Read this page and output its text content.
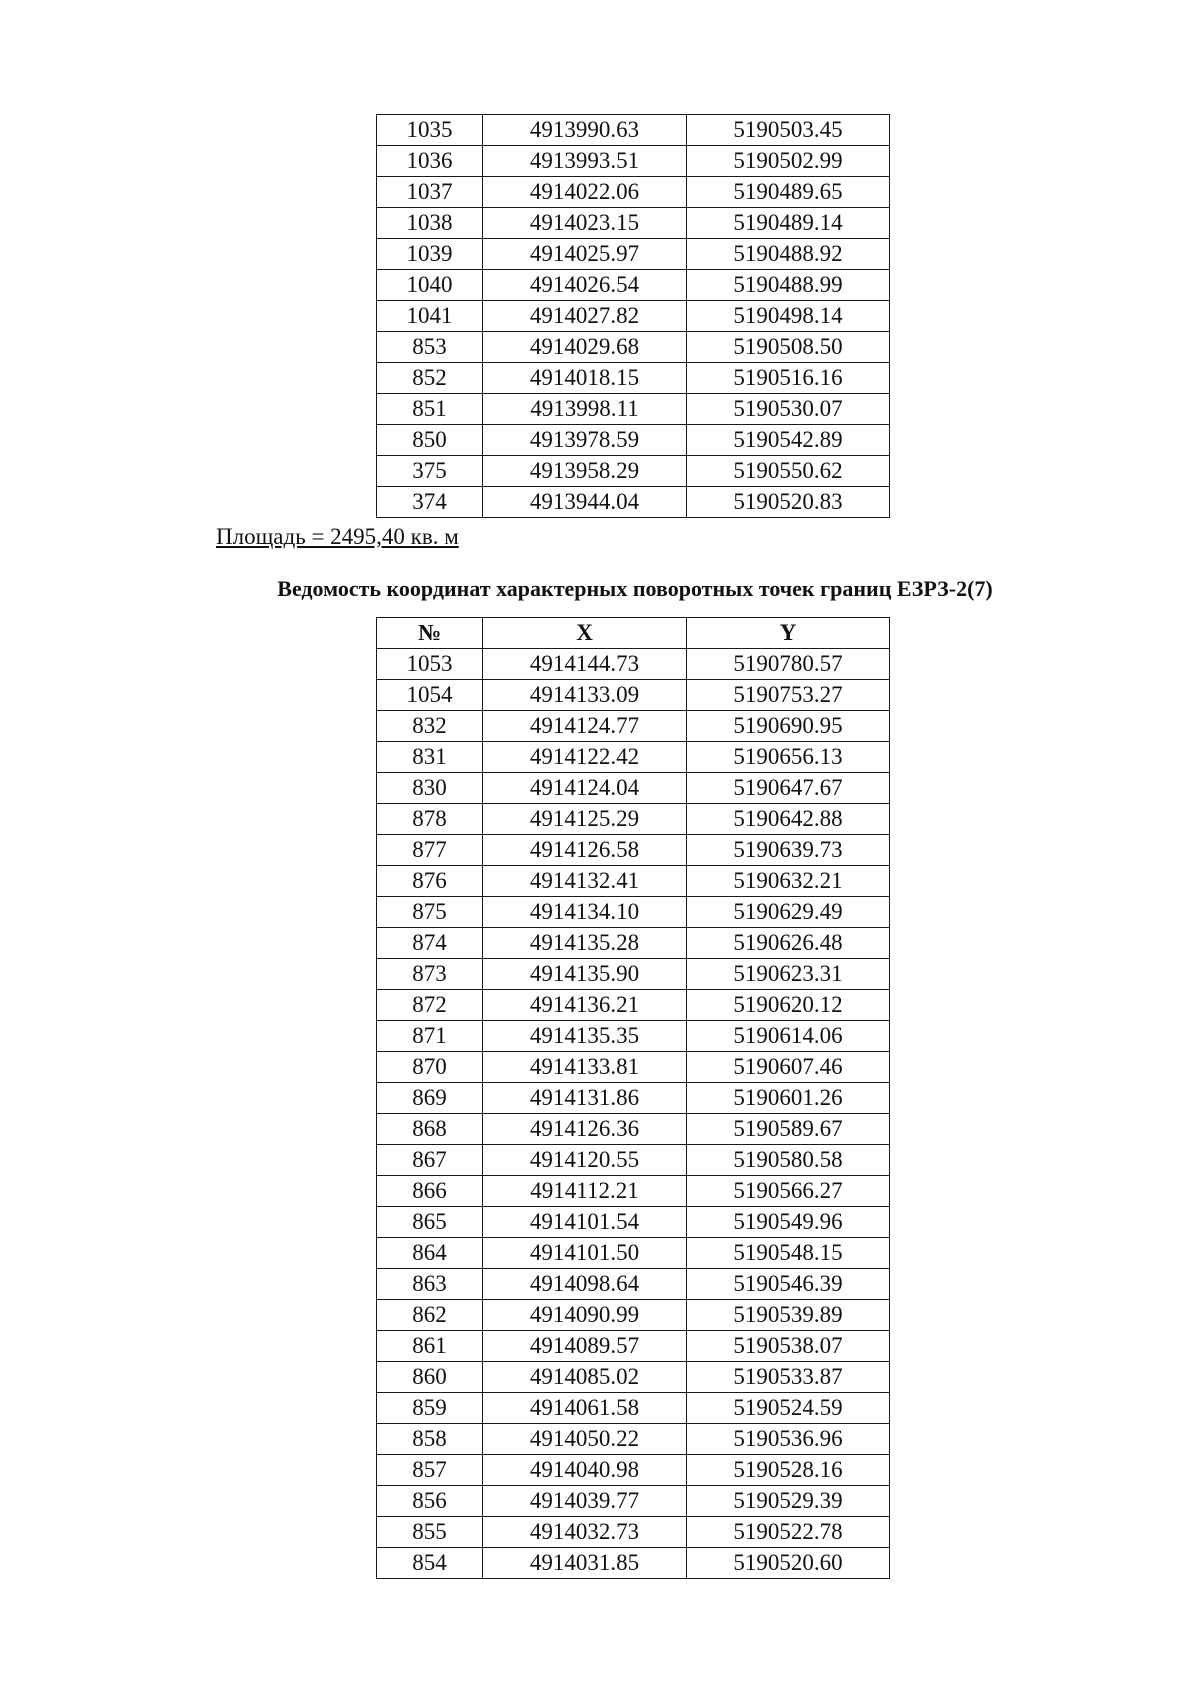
1035	4913990.63	5190503.45
1036	4913993.51	5190502.99
1037	4914022.06	5190489.65
1038	4914023.15	5190489.14
1039	4914025.97	5190488.92
1040	4914026.54	5190488.99
1041	4914027.82	5190498.14
853	4914029.68	5190508.50
852	4914018.15	5190516.16
851	4913998.11	5190530.07
850	4913978.59	5190542.89
375	4913958.29	5190550.62
374	4913944.04	5190520.83
Площадь = 2495,40 кв. м
Ведомость координат характерных поворотных точек границ ЕЗРЗ-2(7)
№	X	Y
1053	4914144.73	5190780.57
1054	4914133.09	5190753.27
832	4914124.77	5190690.95
831	4914122.42	5190656.13
830	4914124.04	5190647.67
878	4914125.29	5190642.88
877	4914126.58	5190639.73
876	4914132.41	5190632.21
875	4914134.10	5190629.49
874	4914135.28	5190626.48
873	4914135.90	5190623.31
872	4914136.21	5190620.12
871	4914135.35	5190614.06
870	4914133.81	5190607.46
869	4914131.86	5190601.26
868	4914126.36	5190589.67
867	4914120.55	5190580.58
866	4914112.21	5190566.27
865	4914101.54	5190549.96
864	4914101.50	5190548.15
863	4914098.64	5190546.39
862	4914090.99	5190539.89
861	4914089.57	5190538.07
860	4914085.02	5190533.87
859	4914061.58	5190524.59
858	4914050.22	5190536.96
857	4914040.98	5190528.16
856	4914039.77	5190529.39
855	4914032.73	5190522.78
854	4914031.85	5190520.60
